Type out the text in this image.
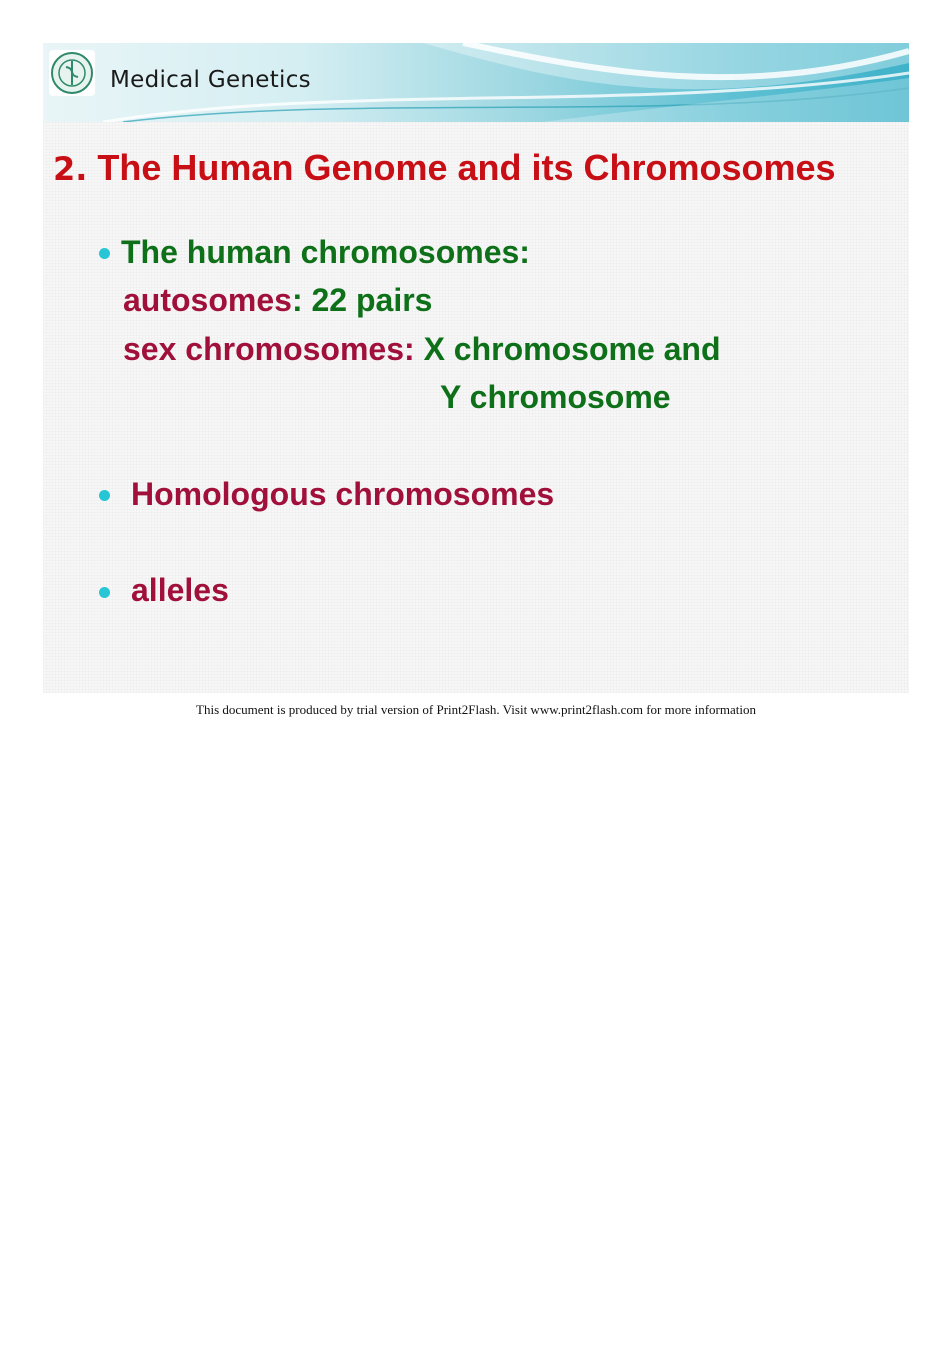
Medical Genetics
2. The Human Genome and its Chromosomes
The human chromosomes:
autosomes: 22 pairs
sex chromosomes: X chromosome and
Y chromosome
Homologous chromosomes
alleles
This document is produced by trial version of Print2Flash. Visit www.print2flash.com for more information
